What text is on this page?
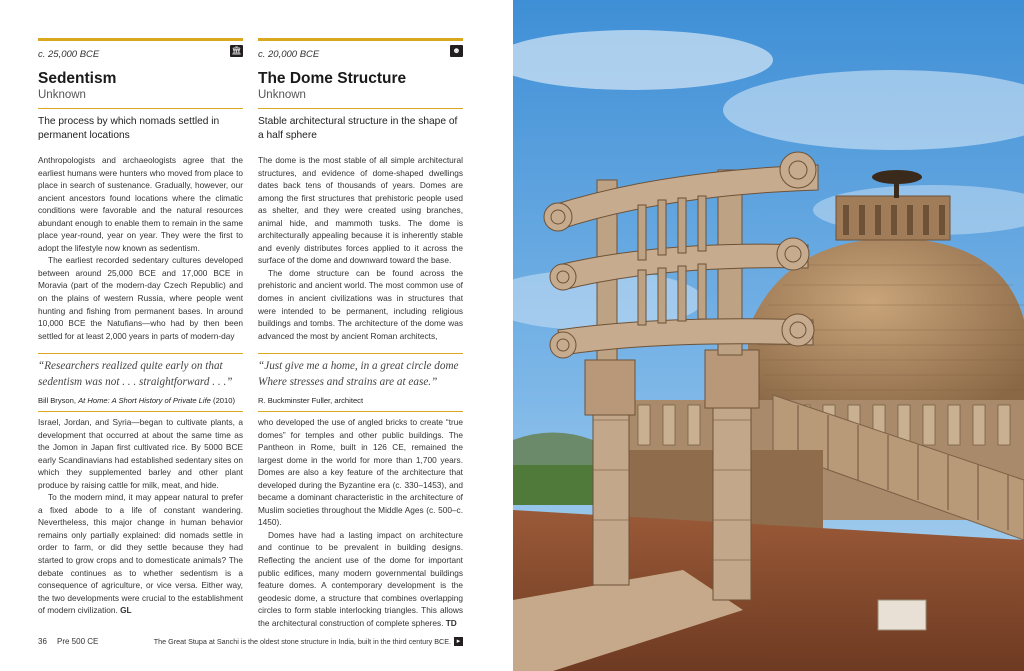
c. 25,000 BCE	🏛
Sedentism
Unknown
The process by which nomads settled in permanent locations

Anthropologists and archaeologists agree that the earliest humans were hunters who moved from place to place in search of sustenance. Gradually, however, our ancient ancestors found locations where the climatic conditions were favorable and the natural resources abundant enough to enable them to remain in the same place year-round, year on year. They were the first to adopt the lifestyle now known as sedentism.

The earliest recorded sedentary cultures developed between around 25,000 BCE and 17,000 BCE in Moravia (part of the modern-day Czech Republic) and on the plains of western Russia, where people went hunting and fishing from permanent bases. In around 10,000 BCE the Natufians—who had by then been settled for at least 2,000 years in parts of modern-day

“Researchers realized quite early on that sedentism was not . . . straightforward . . .”
Bill Bryson, At Home: A Short History of Private Life (2010)

Israel, Jordan, and Syria—began to cultivate plants, a development that occurred at about the same time as the Jomon in Japan first cultivated rice. By 5000 BCE early Scandinavians had established sedentary sites on which they supplemented barley and other plant produce by raising cattle for milk, meat, and hide.

To the modern mind, it may appear natural to prefer a fixed abode to a life of constant wandering. Nevertheless, this major change in human behavior remains only partially explained: did nomads settle in order to farm, or did they settle because they had started to grow crops and to domesticate animals? The debate continues as to whether sedentism is a consequence of agriculture, or vice versa. Either way, the two developments were crucial to the establishment of modern civilization. GL

c. 20,000 BCE	☻
The Dome Structure
Unknown
Stable architectural structure in the shape of a half sphere

The dome is the most stable of all simple architectural structures, and evidence of dome-shaped dwellings dates back tens of thousands of years. Domes are among the first structures that prehistoric people used as shelter, and they were created using branches, animal hide, and mammoth tusks. The dome is architecturally appealing because it is inherently stable and evenly distributes forces applied to it across the surface of the dome and downward toward the base.

The dome structure can be found across the prehistoric and ancient world. The most common use of domes in ancient civilizations was in structures that were intended to be permanent, including religious buildings and tombs. The architecture of the dome was advanced the most by ancient Roman architects,

“Just give me a home, in a great circle dome Where stresses and strains are at ease.”
R. Buckminster Fuller, architect

who developed the use of angled bricks to create “true domes” for temples and other public buildings. The Pantheon in Rome, built in 126 CE, remained the largest dome in the world for more than 1,700 years. Domes are also a key feature of the architecture that developed during the Byzantine era (c. 330–1453), and became a dominant characteristic in the architecture of Muslim societies throughout the Middle Ages (c. 500–c. 1450).

Domes have had a lasting impact on architecture and continue to be prevalent in building designs. Reflecting the ancient use of the dome for important public edifices, many modern governmental buildings feature domes. A contemporary development is the geodesic dome, a structure that combines overlapping circles to form stable interlocking triangles. This allows the architectural construction of complete spheres. TD

36 Pre 500 CE	The Great Stupa at Sanchi is the oldest stone structure in India, built in the third century BCE. ▸
